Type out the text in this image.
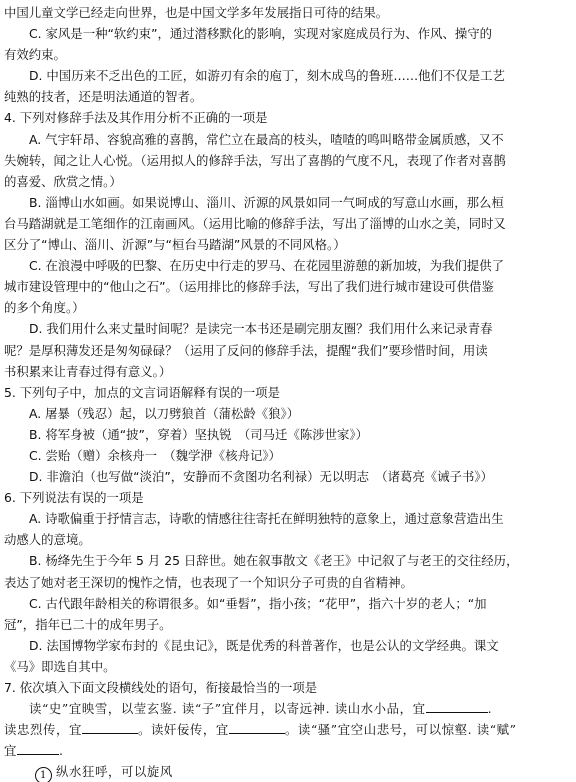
中国儿童文学已经走向世界，也是中国文学多年发展指日可待的结果。
C. 家风是一种“软约束”，通过潜移默化的影响，实现对家庭成员行为、作风、操守的
有效约束。
D. 中国历来不乏出色的工匠，如游刃有余的庖丁，刻木成鸟的鲁班……他们不仅是工艺
纯熟的技者，还是明法通道的智者。
4. 下列对修辞手法及其作用分析不正确的一项是
A. 气宇轩昂、容貌高雅的喜鹊，常伫立在最高的枝头，喳喳的鸣叫略带金属质感，又不
失婉转，闻之让人心悦。（运用拟人的修辞手法，写出了喜鹊的气度不凡，表现了作者对喜鹊
的喜爱、欣赏之情。）
B. 淄博山水如画。如果说博山、淄川、沂源的风景如同一气呵成的写意山水画，那么桓
台马踏湖就是工笔细作的江南画风。（运用比喻的修辞手法，写出了淄博的山水之美，同时又
区分了“博山、淄川、沂源”与“桓台马踏湖”风景的不同风格。）
C. 在浪漫中呼吸的巴黎、在历史中行走的罗马、在花园里游憩的新加坡，为我们提供了
城市建设管理中的“他山之石”。（运用排比的修辞手法，写出了我们进行城市建设可供借鉴
的多个角度。）
D. 我们用什么来丈量时间呢？是读完一本书还是刷完朋友圈？我们用什么来记录青春
呢？是厚积薄发还是匆匆碌碌？（运用了反问的修辞手法，提醒“我们”要珍惜时间，用读
书积累来让青春过得有意义。）
5. 下列句子中，加点的文言词语解释有误的一项是
A. 屠暴（残忍）起，以刀劈狼首（蒲松龄《狼》）
B. 将军身被（通“披”，穿着）坚执锐　（司马迁《陈涉世家》）
C. 尝贻（赠）余核舟一　（魏学洢《核舟记》）
D. 非澹泊（也写做“淡泊”，安静而不贪图功名利禄）无以明志　（诸葛亮《诫子书》）
6. 下列说法有误的一项是
A. 诗歌偏重于抒情言志，诗歌的情感往往寄托在鲜明独特的意象上，通过意象营造出生
动感人的意境。
B. 杨绛先生于今年 5 月 25 日辞世。她在叙事散文《老王》中记叙了与老王的交往经历，
表达了她对老王深切的愧怍之情，也表现了一个知识分子可贵的自省精神。
C. 古代跟年龄相关的称谓很多。如“垂髫”，指小孩；“花甲”，指六十岁的老人；“加
冠”，指年已二十的成年男子。
D. 法国博物学家布封的《昆虫记》，既是优秀的科普著作，也是公认的文学经典。课文
《马》即选自其中。
7. 依次填入下面文段横线处的语句，衔接最恰当的一项是
读“史”宜映雪，以莹玄鉴. 读“子”宜伴月，以寄远神. 读山水小品，宜	.
读忠烈传，宜	。读奸佞传，宜	。读“骚”宜空山悲号，可以惊壑. 读“赋”
宜	.
1 纵水狂呼，可以旋风
